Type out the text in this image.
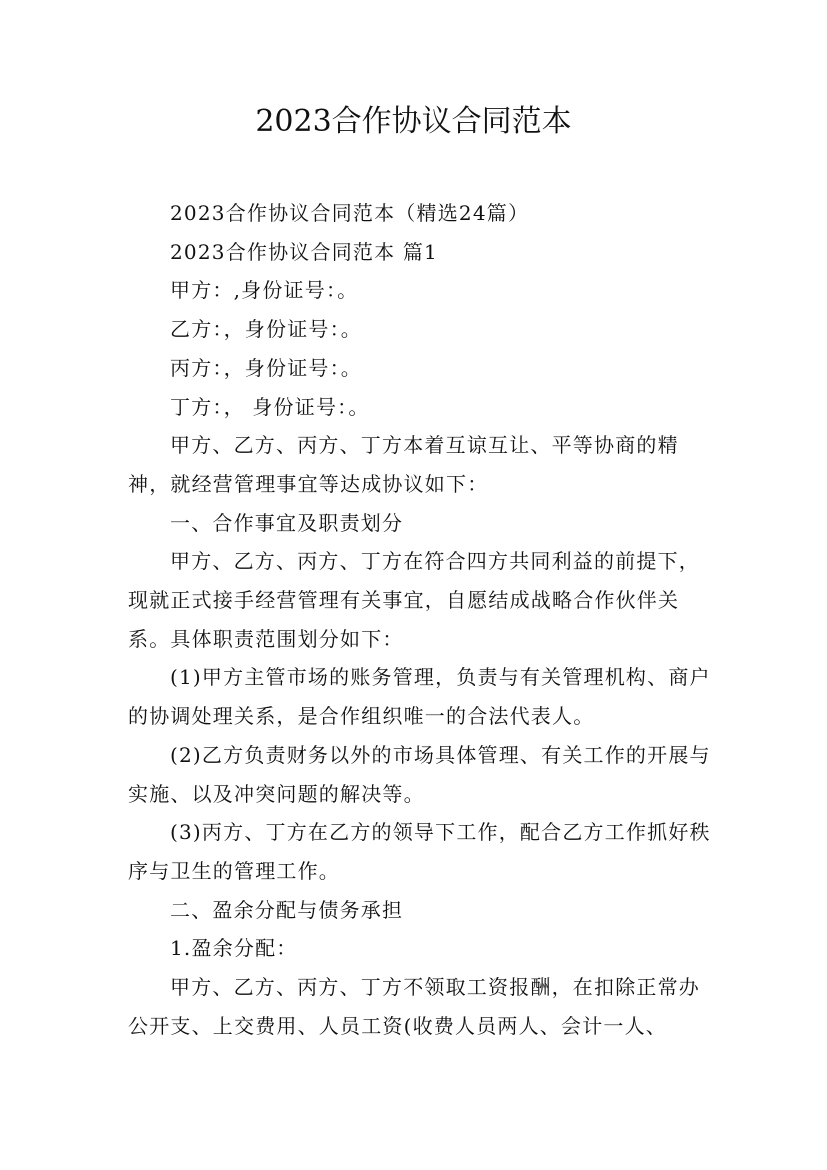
2023合作协议合同范本

2023合作协议合同范本（精选24篇）

2023合作协议合同范本 篇1

甲方：,身份证号：。

乙方：，身份证号：。

丙方：，身份证号：。

丁方：， 身份证号：。

甲方、乙方、丙方、丁方本着互谅互让、平等协商的精神，就经营管理事宜等达成协议如下：

一、合作事宜及职责划分

甲方、乙方、丙方、丁方在符合四方共同利益的前提下，现就正式接手经营管理有关事宜，自愿结成战略合作伙伴关系。具体职责范围划分如下：

(1)甲方主管市场的账务管理，负责与有关管理机构、商户的协调处理关系，是合作组织唯一的合法代表人。

(2)乙方负责财务以外的市场具体管理、有关工作的开展与实施、以及冲突问题的解决等。

(3)丙方、丁方在乙方的领导下工作，配合乙方工作抓好秩序与卫生的管理工作。

二、盈余分配与债务承担

1.盈余分配：

甲方、乙方、丙方、丁方不领取工资报酬，在扣除正常办公开支、上交费用、人员工资(收费人员两人、会计一人、
